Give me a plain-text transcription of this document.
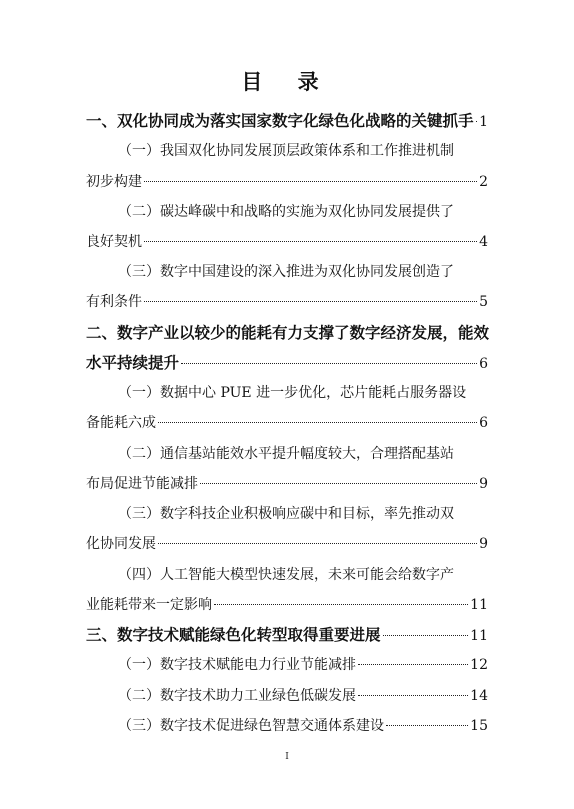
目 录
一、双化协同成为落实国家数字化绿色化战略的关键抓手 1
（一）我国双化协同发展顶层政策体系和工作推进机制
初步构建	2
（二）碳达峰碳中和战略的实施为双化协同发展提供了
良好契机	4
（三）数字中国建设的深入推进为双化协同发展创造了
有利条件	5
二、数字产业以较少的能耗有力支撑了数字经济发展，能效
水平持续提升	6
（一）数据中心 PUE 进一步优化，芯片能耗占服务器设
备能耗六成	6
（二）通信基站能效水平提升幅度较大，合理搭配基站
布局促进节能减排	9
（三）数字科技企业积极响应碳中和目标，率先推动双
化协同发展	9
（四）人工智能大模型快速发展，未来可能会给数字产
业能耗带来一定影响	11
三、数字技术赋能绿色化转型取得重要进展	11
（一）数字技术赋能电力行业节能减排	12
（二）数字技术助力工业绿色低碳发展	14
（三）数字技术促进绿色智慧交通体系建设	15
I
